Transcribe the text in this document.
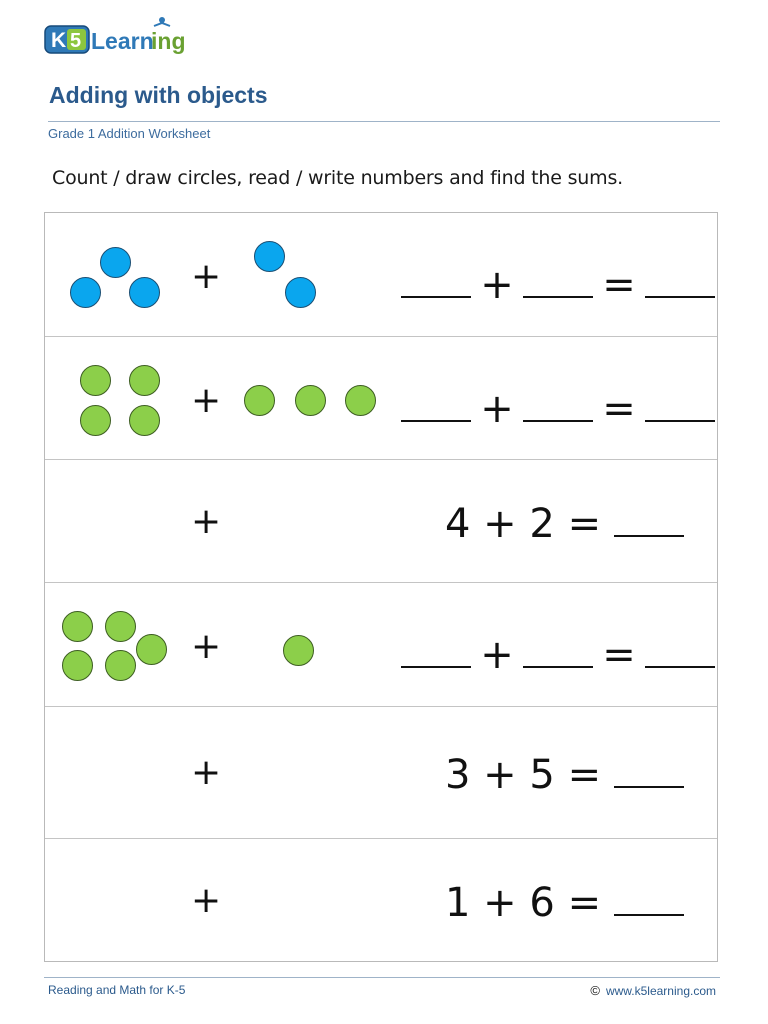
K 5 Learn
ing
Adding with objects
Grade 1 Addition Worksheet
Count / draw circles, read / write numbers and find the sums.
+	+ =
+	+ =
+	4 + 2 =
+	+ =
+	3 + 5 =
+	1 + 6 =
Reading and Math for K-5	© www.k5learning.com
